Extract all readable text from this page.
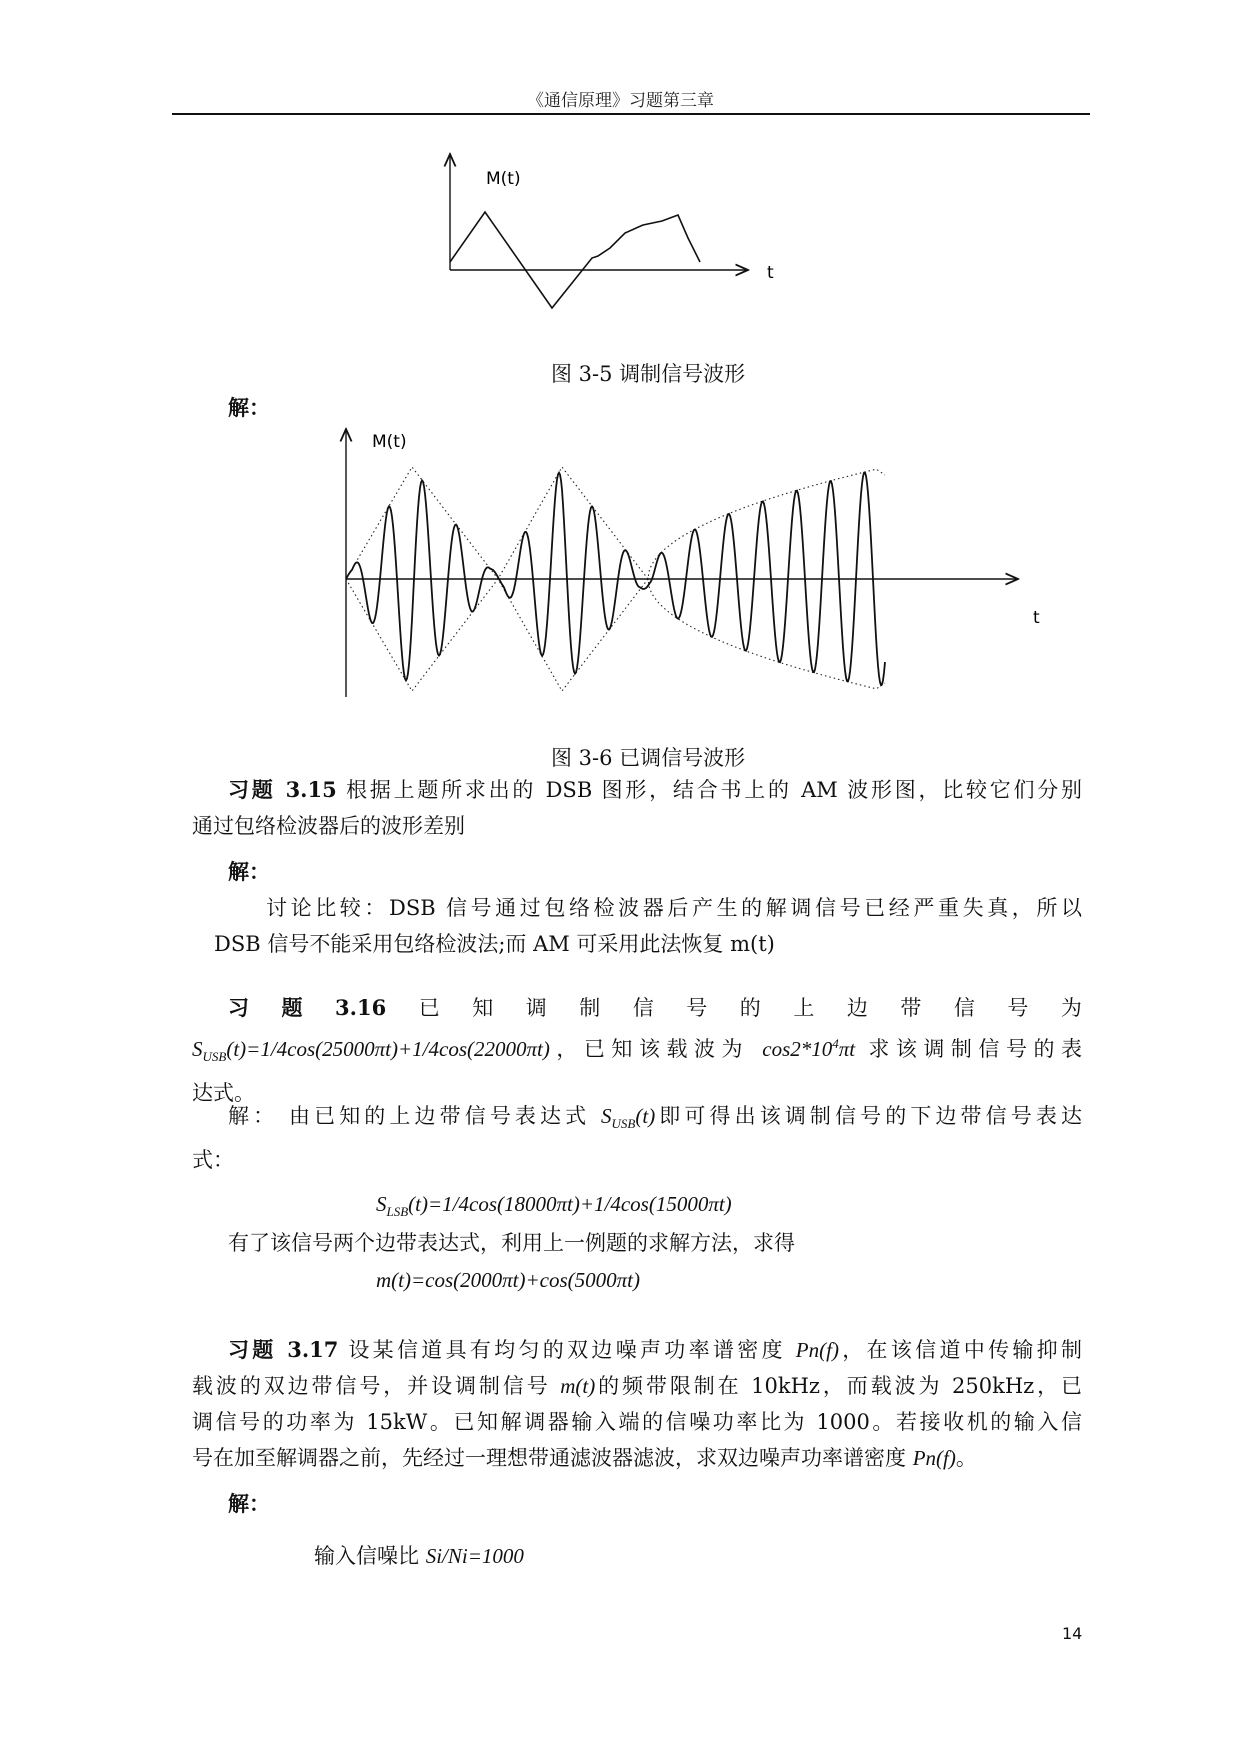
《通信原理》习题第三章
M(t)
t
图 3-5 调制信号波形
解：
M(t)
t
图 3-6 已调信号波形
习题 3.15 根据上题所求出的 DSB 图形，结合书上的 AM 波形图，比较它们分别
通过包络检波器后的波形差别
解：
讨论比较：DSB 信号通过包络检波器后产生的解调信号已经严重失真，所以
DSB 信号不能采用包络检波法;而 AM 可采用此法恢复 m(t)
习 题 3.16 已 知 调 制 信 号 的 上 边 带 信 号 为
$S_{USB}(t)=1/4\cos(25000\pi t)+1/4\cos(22000\pi t)$，已知该载波为 $\cos 2*10^4\pi t$ 求该调制信号的表
达式。
解： 由已知的上边带信号表达式 $S_{USB}(t)$即可得出该调制信号的下边带信号表达
式：
$S_{LSB}(t)=1/4\cos(18000\pi t)+1/4\cos(15000\pi t)$
有了该信号两个边带表达式，利用上一例题的求解方法，求得
m(t)=cos(2000πt)+cos(5000πt)
习题 3.17 设某信道具有均匀的双边噪声功率谱密度 Pn(f)，在该信道中传输抑制
载波的双边带信号，并设调制信号 m(t)的频带限制在 10kHz，而载波为 250kHz，已
调信号的功率为 15kW。已知解调器输入端的信噪功率比为 1000。若接收机的输入信
号在加至解调器之前，先经过一理想带通滤波器滤波，求双边噪声功率谱密度 Pn(f)。
解：
输入信噪比 Si/Ni=1000
14
